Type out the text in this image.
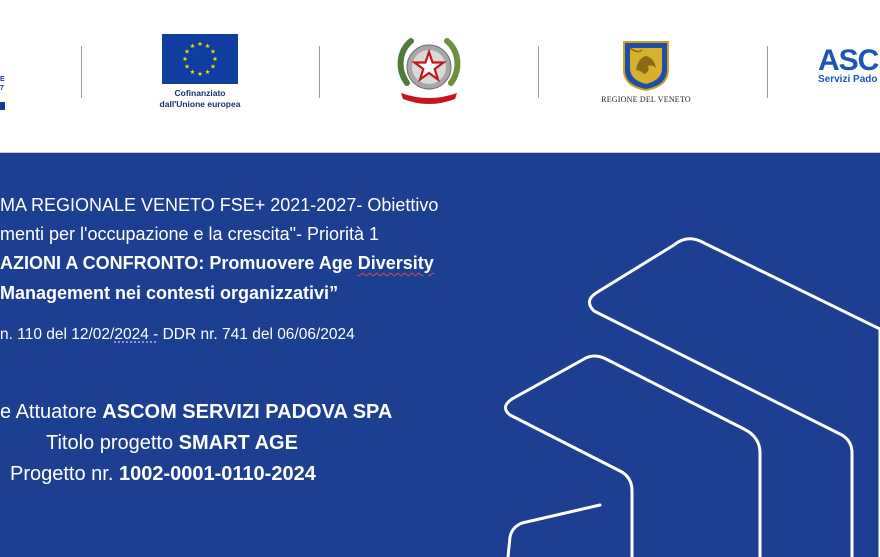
E
7	Cofinanziato
dall'Unione europea	REGIONE DEL VENETO
ASC
Servizi Pado
MA REGIONALE VENETO FSE+ 2021-2027- Obiettivo
menti per l'occupazione e la crescita"- Priorità 1
AZIONI A CONFRONTO: Promuovere Age Diversity
Management nei contesti organizzativi”
n. 110 del 12/02/2024 - DDR nr. 741 del 06/06/2024
e Attuatore ASCOM SERVIZI PADOVA SPA
Titolo progetto SMART AGE
Progetto nr. 1002-0001-0110-2024
